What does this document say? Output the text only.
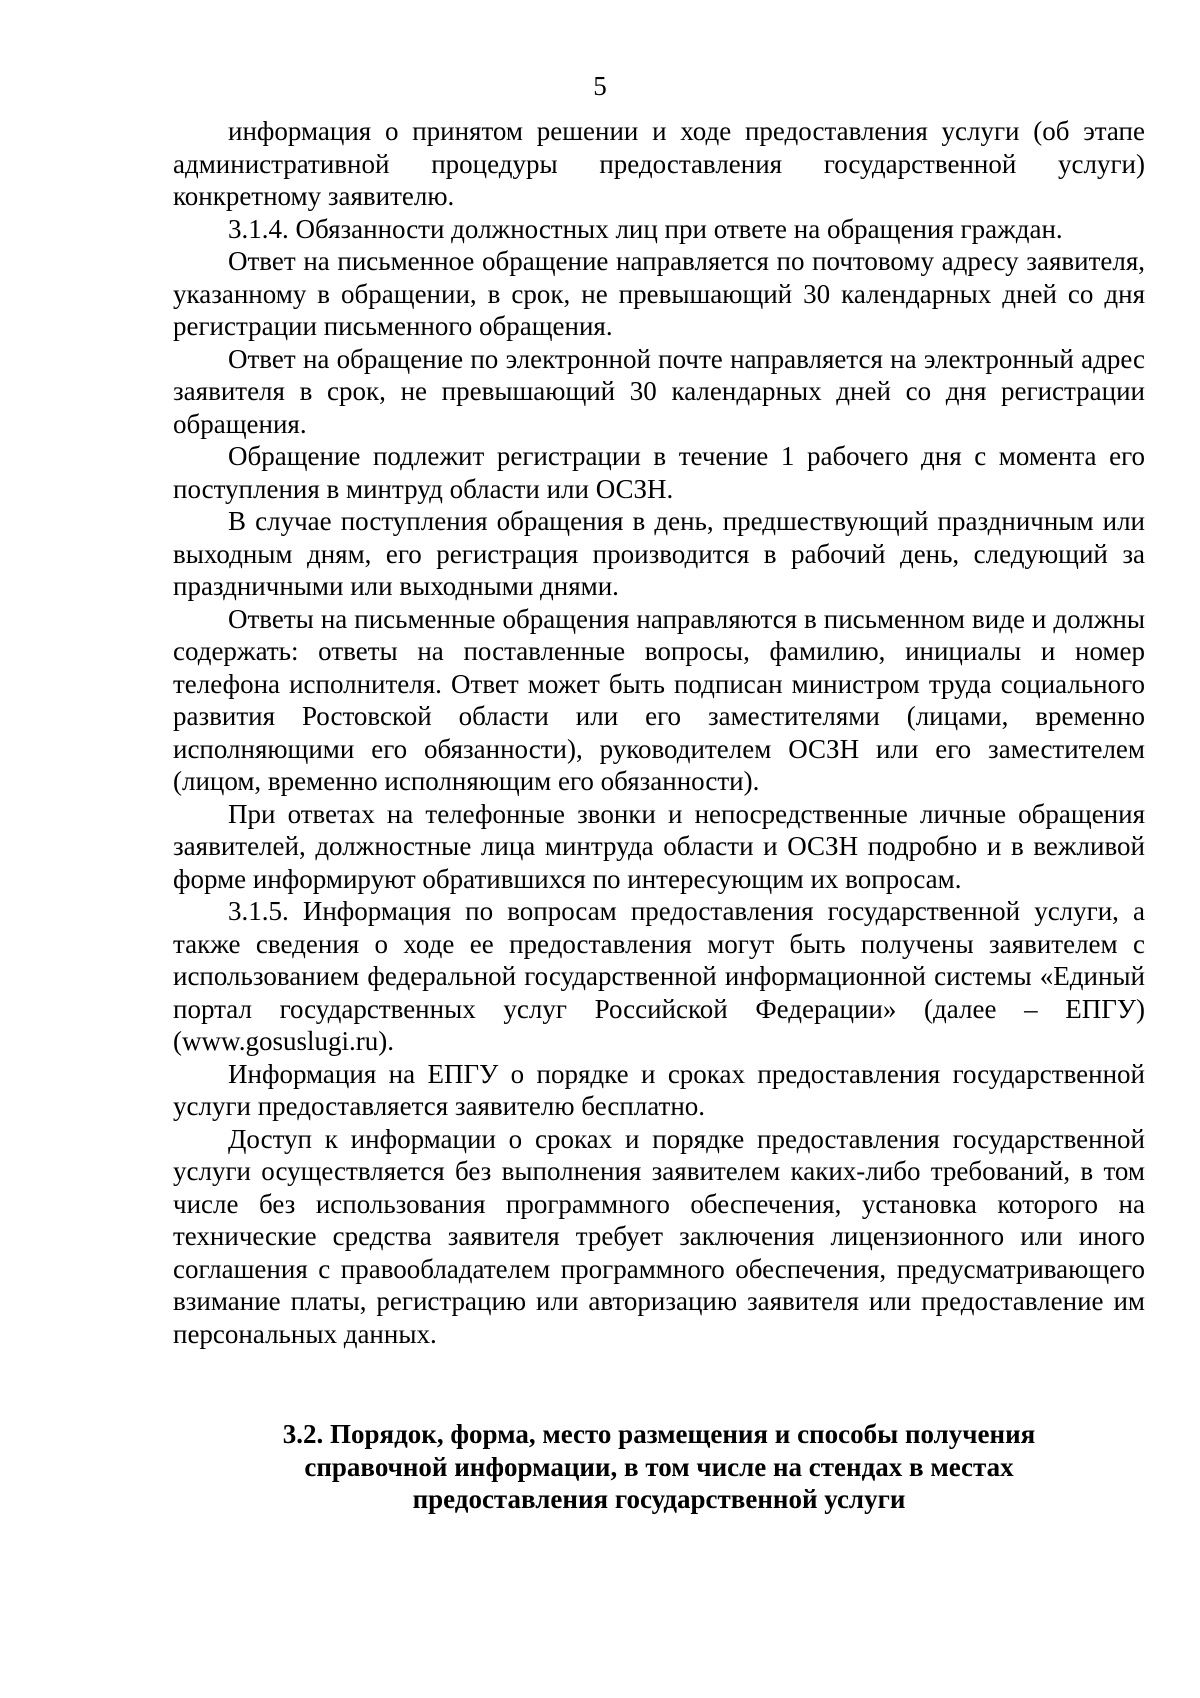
5

информация о принятом решении и ходе предоставления услуги (об этапе административной процедуры предоставления государственной услуги) конкретному заявителю.

3.1.4. Обязанности должностных лиц при ответе на обращения граждан.

Ответ на письменное обращение направляется по почтовому адресу заявителя, указанному в обращении, в срок, не превышающий 30 календарных дней со дня регистрации письменного обращения.

Ответ на обращение по электронной почте направляется на электронный адрес заявителя в срок, не превышающий 30 календарных дней со дня регистрации обращения.

Обращение подлежит регистрации в течение 1 рабочего дня с момента его поступления в минтруд области или ОСЗН.

В случае поступления обращения в день, предшествующий праздничным или выходным дням, его регистрация производится в рабочий день, следующий за праздничными или выходными днями.

Ответы на письменные обращения направляются в письменном виде и должны содержать: ответы на поставленные вопросы, фамилию, инициалы и номер телефона исполнителя. Ответ может быть подписан министром труда социального развития Ростовской области или его заместителями (лицами, временно исполняющими его обязанности), руководителем ОСЗН или его заместителем (лицом, временно исполняющим его обязанности).

При ответах на телефонные звонки и непосредственные личные обращения заявителей, должностные лица минтруда области и ОСЗН подробно и в вежливой форме информируют обратившихся по интересующим их вопросам.

3.1.5. Информация по вопросам предоставления государственной услуги, а также сведения о ходе ее предоставления могут быть получены заявителем с использованием федеральной государственной информационной системы «Единый портал государственных услуг Российской Федерации» (далее – ЕПГУ) (www.gosuslugi.ru).

Информация на ЕПГУ о порядке и сроках предоставления государственной услуги предоставляется заявителю бесплатно.

Доступ к информации о сроках и порядке предоставления государственной услуги осуществляется без выполнения заявителем каких-либо требований, в том числе без использования программного обеспечения, установка которого на технические средства заявителя требует заключения лицензионного или иного соглашения с правообладателем программного обеспечения, предусматривающего взимание платы, регистрацию или авторизацию заявителя или предоставление им персональных данных.

3.2. Порядок, форма, место размещения и способы получения
справочной информации, в том числе на стендах в местах
предоставления государственной услуги
